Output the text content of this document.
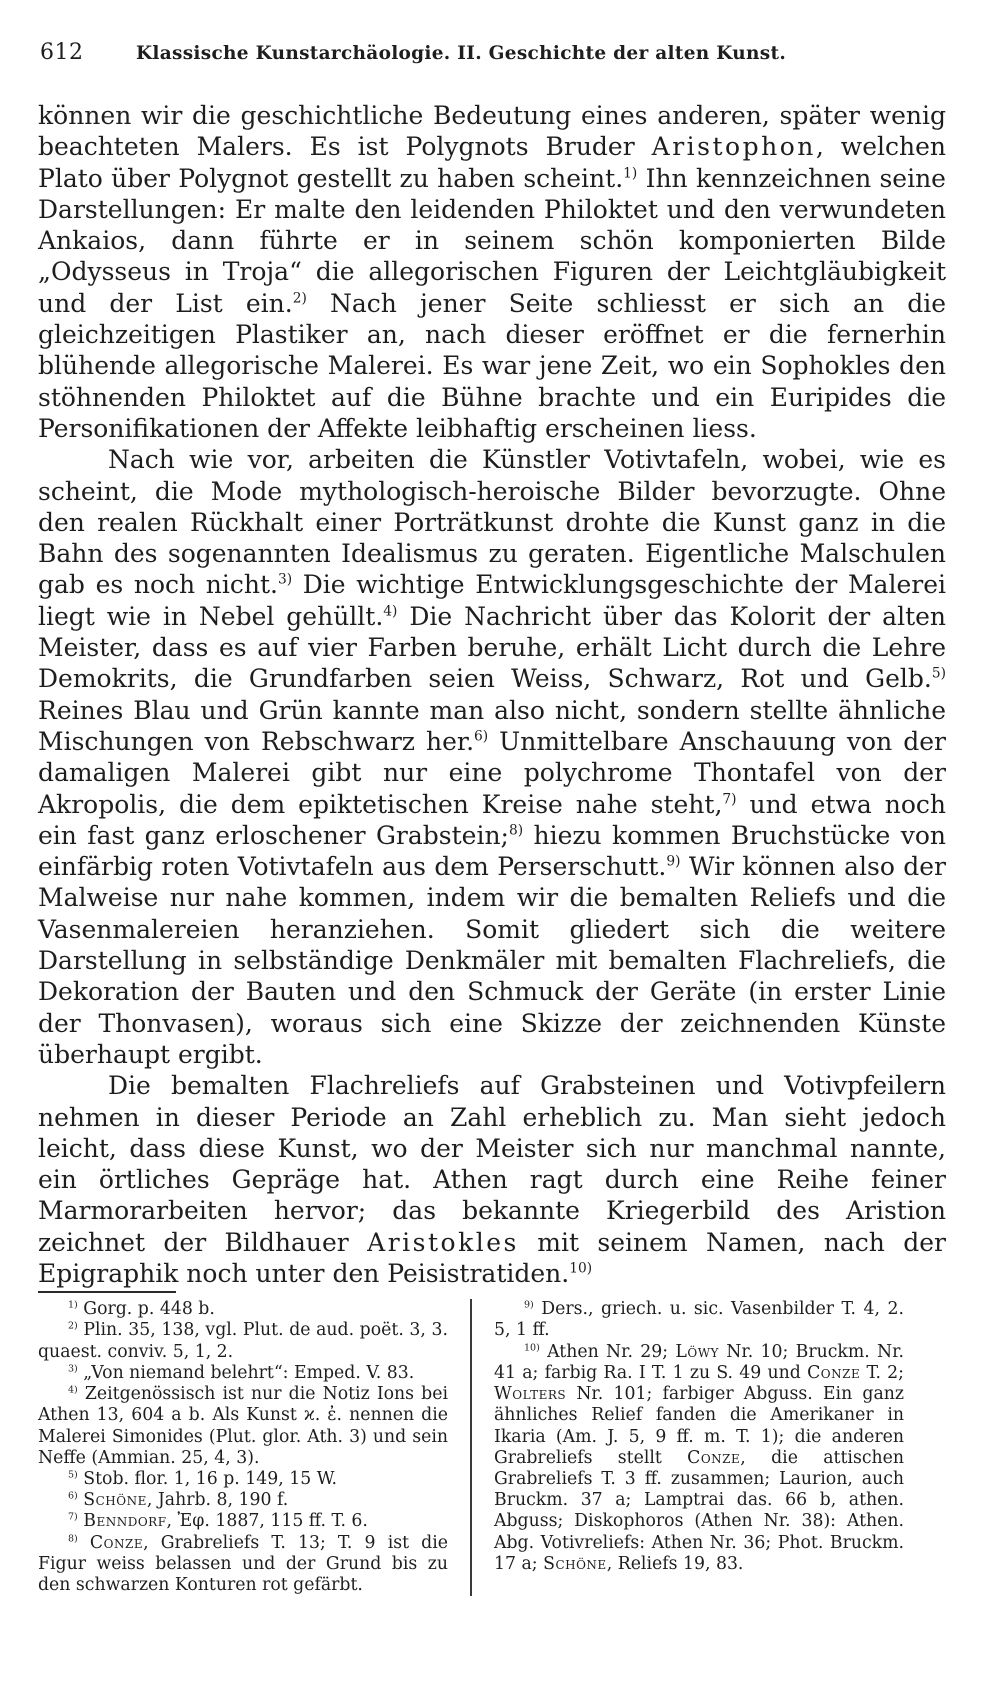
612	Klassische Kunstarchäologie. II. Geschichte der alten Kunst.

können wir die geschichtliche Bedeutung eines anderen, später wenig beachteten Malers. Es ist Polygnots Bruder Aristophon, welchen Plato über Polygnot gestellt zu haben scheint.$^{1)}$ Ihn kennzeichnen seine Darstellungen: Er malte den leidenden Philoktet und den verwundeten Ankaios, dann führte er in seinem schön komponierten Bilde „Odysseus in Troja“ die allegorischen Figuren der Leichtgläubigkeit und der List ein.$^{2)}$ Nach jener Seite schliesst er sich an die gleichzeitigen Plastiker an, nach dieser eröffnet er die fernerhin blühende allegorische Malerei. Es war jene Zeit, wo ein Sophokles den stöhnenden Philoktet auf die Bühne brachte und ein Euripides die Personifikationen der Affekte leibhaftig erscheinen liess.

Nach wie vor, arbeiten die Künstler Votivtafeln, wobei, wie es scheint, die Mode mythologisch-heroische Bilder bevorzugte. Ohne den realen Rückhalt einer Porträtkunst drohte die Kunst ganz in die Bahn des sogenannten Idealismus zu geraten. Eigentliche Malschulen gab es noch nicht.$^{3)}$ Die wichtige Entwicklungsgeschichte der Malerei liegt wie in Nebel gehüllt.$^{4)}$ Die Nachricht über das Kolorit der alten Meister, dass es auf vier Farben beruhe, erhält Licht durch die Lehre Demokrits, die Grundfarben seien Weiss, Schwarz, Rot und Gelb.$^{5)}$ Reines Blau und Grün kannte man also nicht, sondern stellte ähnliche Mischungen von Rebschwarz her.$^{6)}$ Unmittelbare Anschauung von der damaligen Malerei gibt nur eine polychrome Thontafel von der Akropolis, die dem epiktetischen Kreise nahe steht,$^{7)}$ und etwa noch ein fast ganz erloschener Grabstein;$^{8)}$ hiezu kommen Bruchstücke von einfärbig roten Votivtafeln aus dem Perserschutt.$^{9)}$ Wir können also der Malweise nur nahe kommen, indem wir die bemalten Reliefs und die Vasenmalereien heranziehen. Somit gliedert sich die weitere Darstellung in selbständige Denkmäler mit bemalten Flachreliefs, die Dekoration der Bauten und den Schmuck der Geräte (in erster Linie der Thonvasen), woraus sich eine Skizze der zeichnenden Künste überhaupt ergibt.

Die bemalten Flachreliefs auf Grabsteinen und Votivpfeilern nehmen in dieser Periode an Zahl erheblich zu. Man sieht jedoch leicht, dass diese Kunst, wo der Meister sich nur manchmal nannte, ein örtliches Gepräge hat. Athen ragt durch eine Reihe feiner Marmorarbeiten hervor; das bekannte Kriegerbild des Aristion zeichnet der Bildhauer Aristokles mit seinem Namen, nach der Epigraphik noch unter den Peisistratiden.$^{10)}$

$^{1)}$ Gorg. p. 448 b.

$^{2)}$ Plin. 35, 138, vgl. Plut. de aud. poët. 3, 3. quaest. conviv. 5, 1, 2.

$^{3)}$ „Von niemand belehrt“: Emped. V. 83.

$^{4)}$ Zeitgenössisch ist nur die Notiz Ions bei Athen 13, 604 a b. Als Kunst ϰ. ἐ. nennen die Malerei Simonides (Plut. glor. Ath. 3) und sein Neffe (Ammian. 25, 4, 3).

$^{5)}$ Stob. flor. 1, 16 p. 149, 15 W.

$^{6)}$ Schöne, Jahrb. 8, 190 f.

$^{7)}$ Benndorf, Ἐφ. 1887, 115 ff. T. 6.

$^{8)}$ Conze, Grabreliefs T. 13; T. 9 ist die Figur weiss belassen und der Grund bis zu den schwarzen Konturen rot gefärbt.

$^{9)}$ Ders., griech. u. sic. Vasenbilder T. 4, 2. 5, 1 ff.

$^{10)}$ Athen Nr. 29; Löwy Nr. 10; Bruckm. Nr. 41 a; farbig Ra. I T. 1 zu S. 49 und Conze T. 2; Wolters Nr. 101; farbiger Abguss. Ein ganz ähnliches Relief fanden die Amerikaner in Ikaria (Am. J. 5, 9 ff. m. T. 1); die anderen Grabreliefs stellt Conze, die attischen Grabreliefs T. 3 ff. zusammen; Laurion, auch Bruckm. 37 a; Lamptrai das. 66 b, athen. Abguss; Diskophoros (Athen Nr. 38): Athen. Abg. Votivreliefs: Athen Nr. 36; Phot. Bruckm. 17 a; Schöne, Reliefs 19, 83.
